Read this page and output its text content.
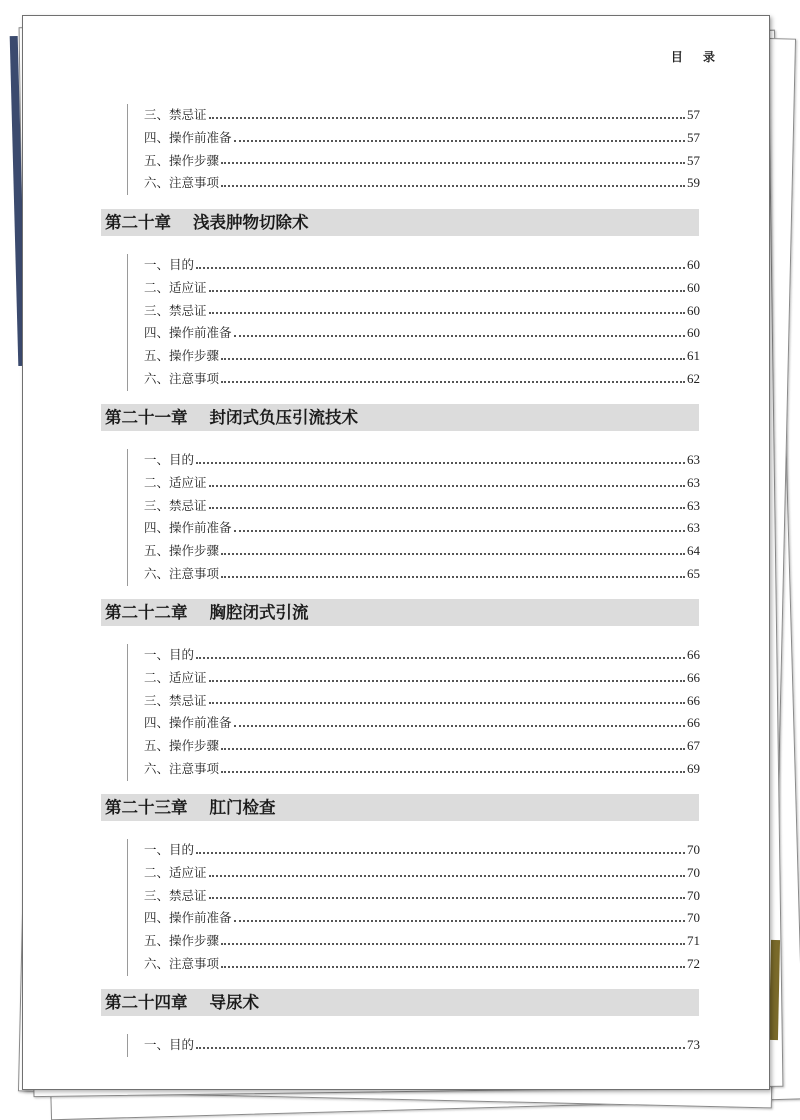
目 录
三、禁忌证	57
四、操作前准备	57
五、操作步骤	57
六、注意事项	59
第二十章 浅表肿物切除术
一、目的	60
二、适应证	60
三、禁忌证	60
四、操作前准备	60
五、操作步骤	61
六、注意事项	62
第二十一章 封闭式负压引流技术
一、目的	63
二、适应证	63
三、禁忌证	63
四、操作前准备	63
五、操作步骤	64
六、注意事项	65
第二十二章 胸腔闭式引流
一、目的	66
二、适应证	66
三、禁忌证	66
四、操作前准备	66
五、操作步骤	67
六、注意事项	69
第二十三章 肛门检查
一、目的	70
二、适应证	70
三、禁忌证	70
四、操作前准备	70
五、操作步骤	71
六、注意事项	72
第二十四章 导尿术
一、目的	73
